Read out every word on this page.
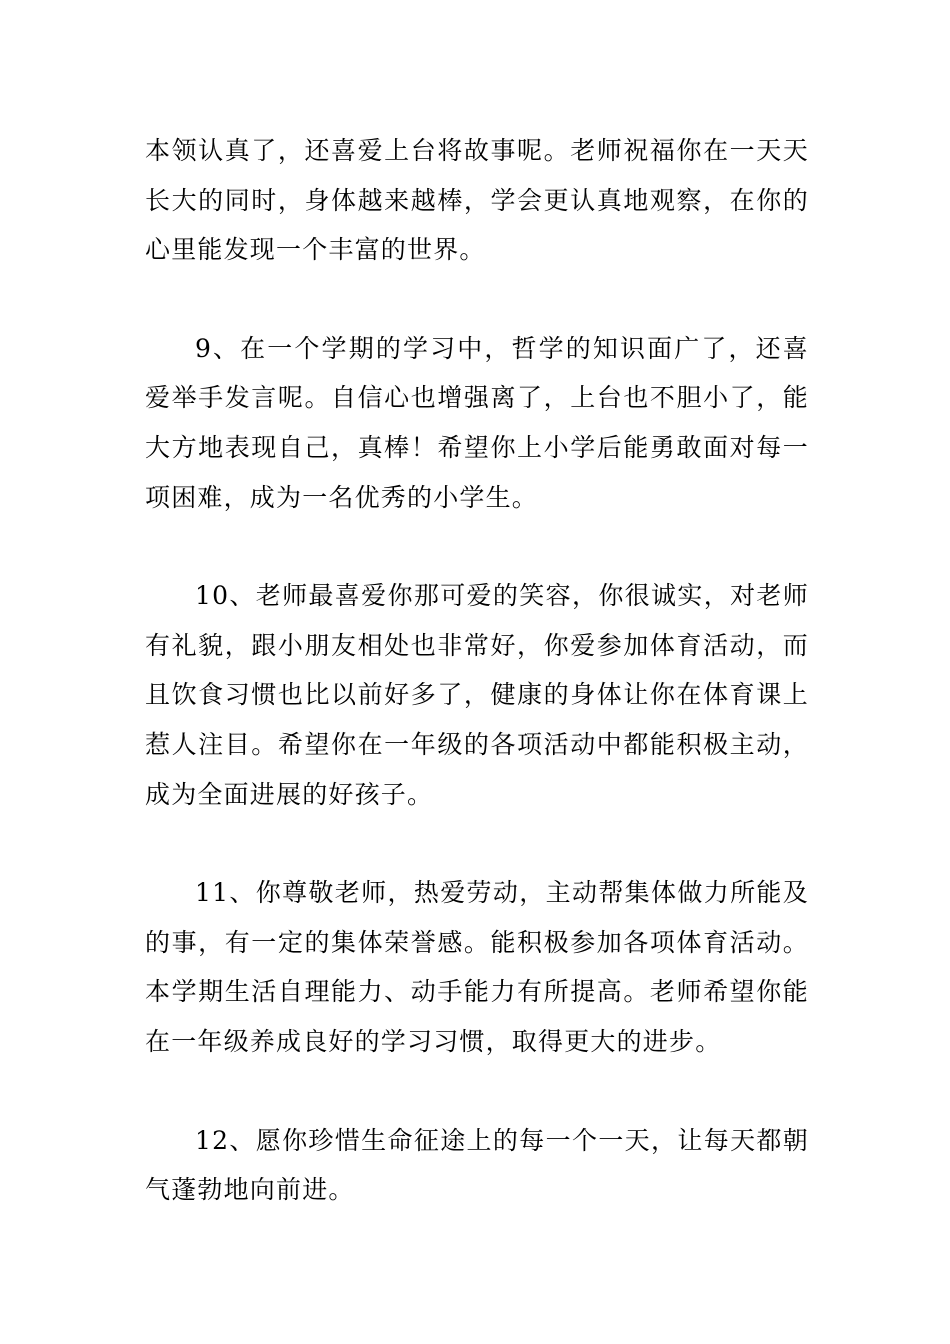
本领认真了，还喜爱上台将故事呢。老师祝福你在一天天长大的同时，身体越来越棒，学会更认真地观察，在你的心里能发现一个丰富的世界。

9、在一个学期的学习中，哲学的知识面广了，还喜爱举手发言呢。自信心也增强离了，上台也不胆小了，能大方地表现自己，真棒！希望你上小学后能勇敢面对每一项困难，成为一名优秀的小学生。

10、老师最喜爱你那可爱的笑容，你很诚实，对老师有礼貌，跟小朋友相处也非常好，你爱参加体育活动，而且饮食习惯也比以前好多了，健康的身体让你在体育课上惹人注目。希望你在一年级的各项活动中都能积极主动，成为全面进展的好孩子。

11、你尊敬老师，热爱劳动，主动帮集体做力所能及的事，有一定的集体荣誉感。能积极参加各项体育活动。本学期生活自理能力、动手能力有所提高。老师希望你能在一年级养成良好的学习习惯，取得更大的进步。

12、愿你珍惜生命征途上的每一个一天，让每天都朝气蓬勃地向前进。
